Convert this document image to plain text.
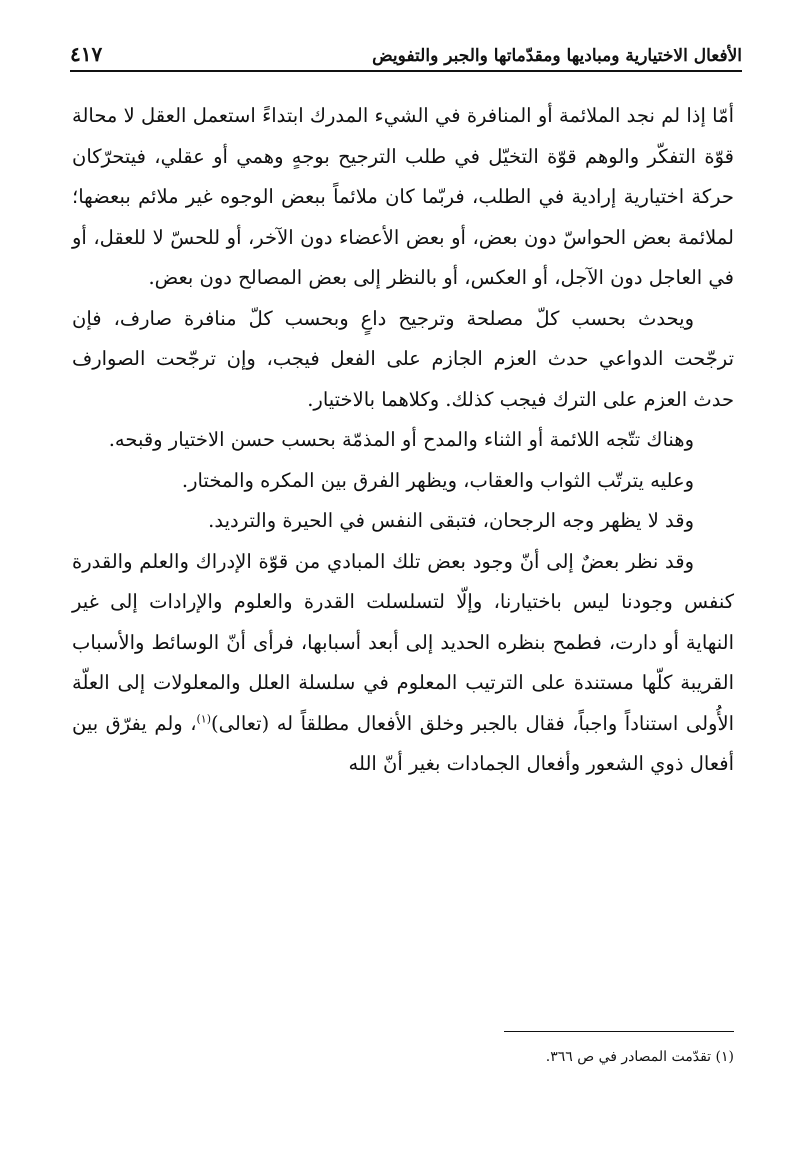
الأفعال الاختيارية ومباديها ومقدّماتها والجبر والتفويض
٤١٧

أمّا إذا لم نجد الملائمة أو المنافرة في الشيء المدرك ابتداءً استعمل العقل لا محالة قوّة التفكّر والوهم قوّة التخيّل في طلب الترجيح بوجهٍ وهمي أو عقلي، فيتحرّكان حركة اختيارية إرادية في الطلب، فربّما كان ملائماً ببعض الوجوه غير ملائم ببعضها؛ لملائمة بعض الحواسّ دون بعض، أو بعض الأعضاء دون الآخر، أو للحسّ لا للعقل، أو في العاجل دون الآجل، أو العكس، أو بالنظر إلى بعض المصالح دون بعض.

ويحدث بحسب كلّ مصلحة وترجيح داعٍ وبحسب كلّ منافرة صارف، فإن ترجّحت الدواعي حدث العزم الجازم على الفعل فيجب، وإن ترجّحت الصوارف حدث العزم على الترك فيجب كذلك. وكلاهما بالاختيار.

وهناك تتّجه اللائمة أو الثناء والمدح أو المذمّة بحسب حسن الاختيار وقبحه.

وعليه يترتّب الثواب والعقاب، ويظهر الفرق بين المكره والمختار.

وقد لا يظهر وجه الرجحان، فتبقى النفس في الحيرة والترديد.

وقد نظر بعضٌ إلى أنّ وجود بعض تلك المبادي من قوّة الإدراك والعلم والقدرة كنفس وجودنا ليس باختيارنا، وإلّا لتسلسلت القدرة والعلوم والإرادات إلى غير النهاية أو دارت، فطمح بنظره الحديد إلى أبعد أسبابها، فرأى أنّ الوسائط والأسباب القريبة كلّها مستندة على الترتيب المعلوم في سلسلة العلل والمعلولات إلى العلّة الأُولى استناداً واجباً، فقال بالجبر وخلق الأفعال مطلقاً له (تعالى)$^{(١)}$، ولم يفرّق بين أفعال ذوي الشعور وأفعال الجمادات بغير أنّ الله

(١) تقدّمت المصادر في ص ٣٦٦.
